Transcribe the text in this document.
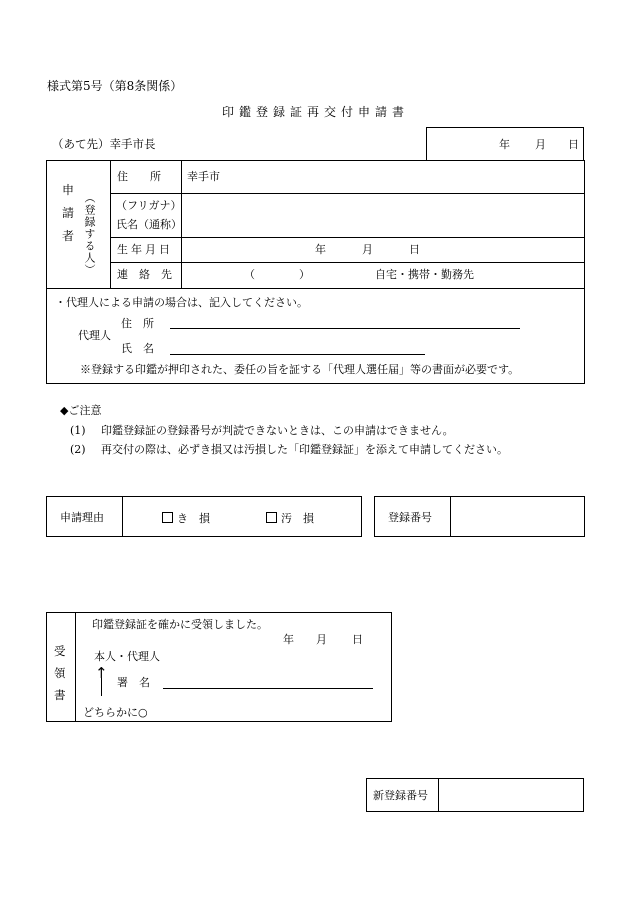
様式第5号（第8条関係）
印鑑登録証再交付申請書
（あて先）幸手市長	年 月 日
申請者 （登録する人）
住　　所 幸手市
（フリガナ）
氏名（通称）
生年月日	年	月	日
連　絡　先	（　　　　）	自宅・携帯・勤務先
・代理人による申請の場合は、記入してください。
代理人
住　所
氏　名
※登録する印鑑が押印された、委任の旨を証する「代理人選任届」等の書面が必要です。
◆ご注意
(1) 印鑑登録証の登録番号が判読できないときは、この申請はできません。
(2) 再交付の際は、必ずき損又は汚損した「印鑑登録証」を添えて申請してください。
申請理由	き　損	汚　損	登録番号
受領書
印鑑登録証を確かに受領しました。
年 月 日
本人・代理人
↑
署　名
どちらかに○
新登録番号
